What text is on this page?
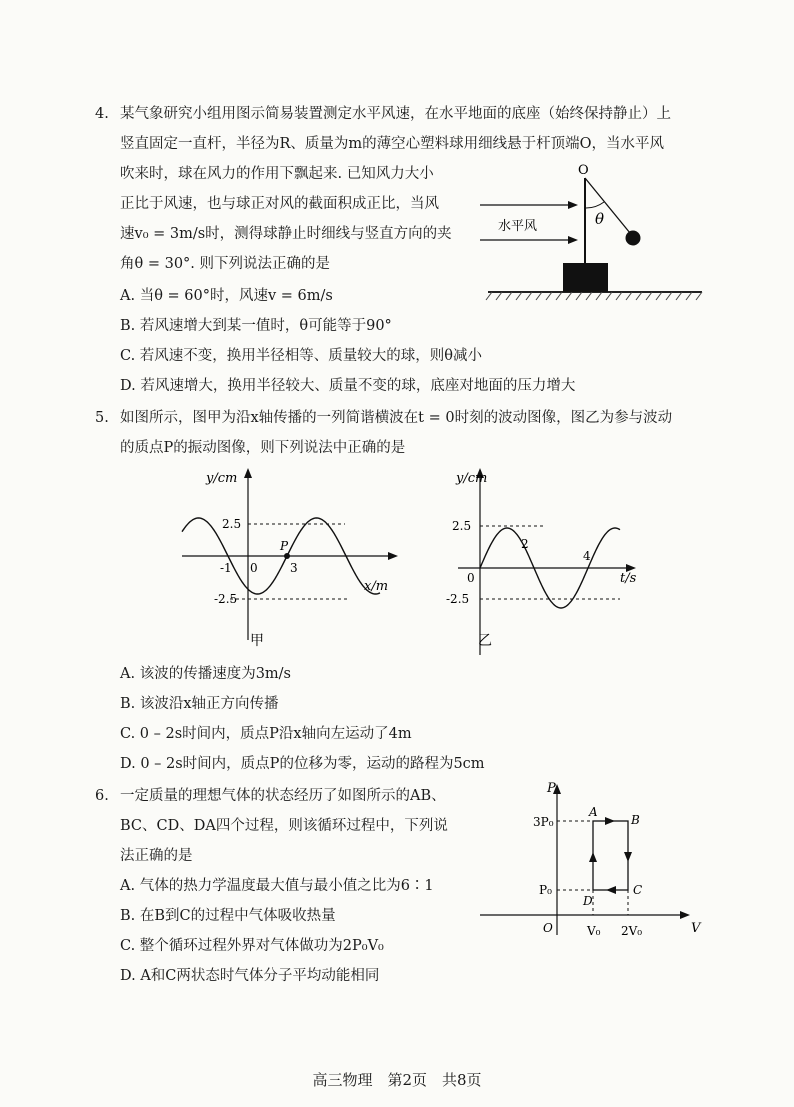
4. 某气象研究小组用图示简易装置测定水平风速，在水平地面的底座（始终保持静止）上
竖直固定一直杆，半径为R、质量为m的薄空心塑料球用细线悬于杆顶端O，当水平风
吹来时，球在风力的作用下飘起来. 已知风力大小
正比于风速，也与球正对风的截面积成正比，当风
速v₀ = 3m/s时，测得球静止时细线与竖直方向的夹
角θ = 30°. 则下列说法正确的是
A. 当θ = 60°时，风速v = 6m/s
B. 若风速增大到某一值时，θ可能等于90°
C. 若风速不变，换用半径相等、质量较大的球，则θ减小
D. 若风速增大，换用半径较大、质量不变的球，底座对地面的压力增大
θ
O
水平风
5. 如图所示，图甲为沿x轴传播的一列简谐横波在t = 0时刻的波动图像，图乙为参与波动
的质点P的振动图像，则下列说法中正确的是
y/cm
x/m
2.5
-2.5
-1 0	3
P
甲
y/cm
t/s
2.5
-2.5
0
2
4
乙
A. 该波的传播速度为3m/s
B. 该波沿x轴正方向传播
C. 0 – 2s时间内，质点P沿x轴向左运动了4m
D. 0 – 2s时间内，质点P的位移为零，运动的路程为5cm
6. 一定质量的理想气体的状态经历了如图所示的AB、
BC、CD、DA四个过程，则该循环过程中，下列说
法正确的是
A. 气体的热力学温度最大值与最小值之比为6∶1
B. 在B到C的过程中气体吸收热量
C. 整个循环过程外界对气体做功为2P₀V₀
D. A和C两状态时气体分子平均动能相同
P
V
O
3P₀
P₀
V₀ 2V₀
A
B
C
D
高三物理　第2页　共8页
